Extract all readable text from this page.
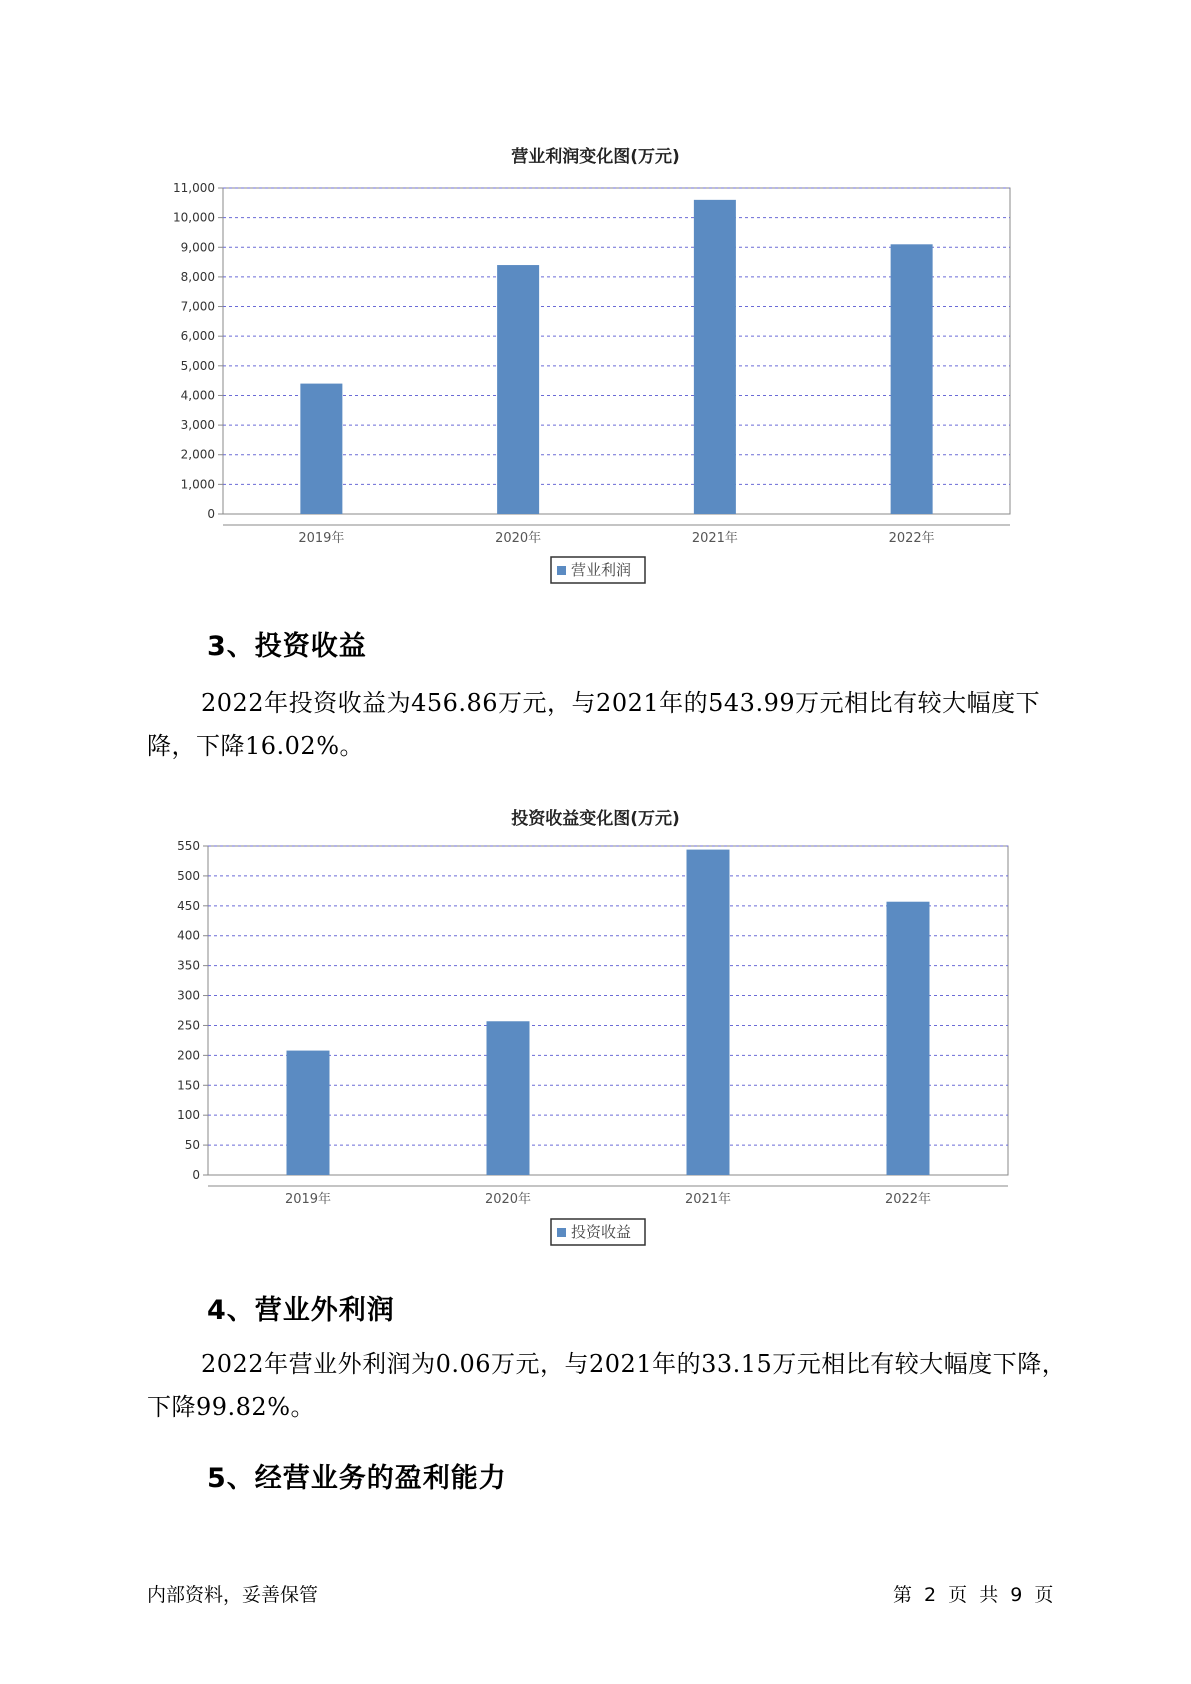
营业利润变化图(万元)
0
1,000
2,000
3,000
4,000
5,000
6,000
7,000
8,000
9,000
10,000
11,000
2019年	2020年	2021年	2022年
营业利润
3、投资收益

2022年投资收益为456.86万元，与2021年的543.99万元相比有较大幅度下降，下降16.02%。

投资收益变化图(万元)
0
50
100
150
200
250
300
350
400
450
500
550
2019年	2020年	2021年	2022年
投资收益
4、营业外利润

2022年营业外利润为0.06万元，与2021年的33.15万元相比有较大幅度下降，下降99.82%。

5、经营业务的盈利能力
内部资料，妥善保管	第 2 页 共 9 页
